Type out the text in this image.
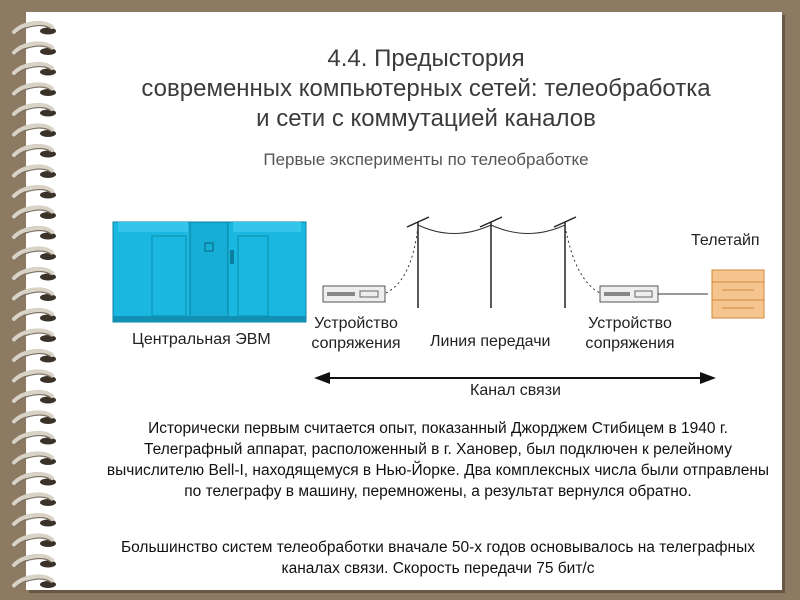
4.4. Предыстория
современных компьютерных сетей: телеобработка
и сети с коммутацией каналов
Первые эксперименты по телеобработке
Телетайп
Центральная ЭВМ
Устройство сопряжения Линия передачи
Устройство сопряжения
Канал связи
Исторически первым считается опыт, показанный Джорджем Стибицем в 1940 г. Телеграфный аппарат, расположенный в г. Хановер, был подключен к релейному вычислителю Bell-I, находящемуся в Нью-Йорке. Два комплексных числа были отправлены по телеграфу в машину, перемножены, а результат вернулся обратно.
Большинство систем телеобработки вначале 50-х годов основывалось на телеграфных каналах связи. Скорость передачи 75 бит/с
